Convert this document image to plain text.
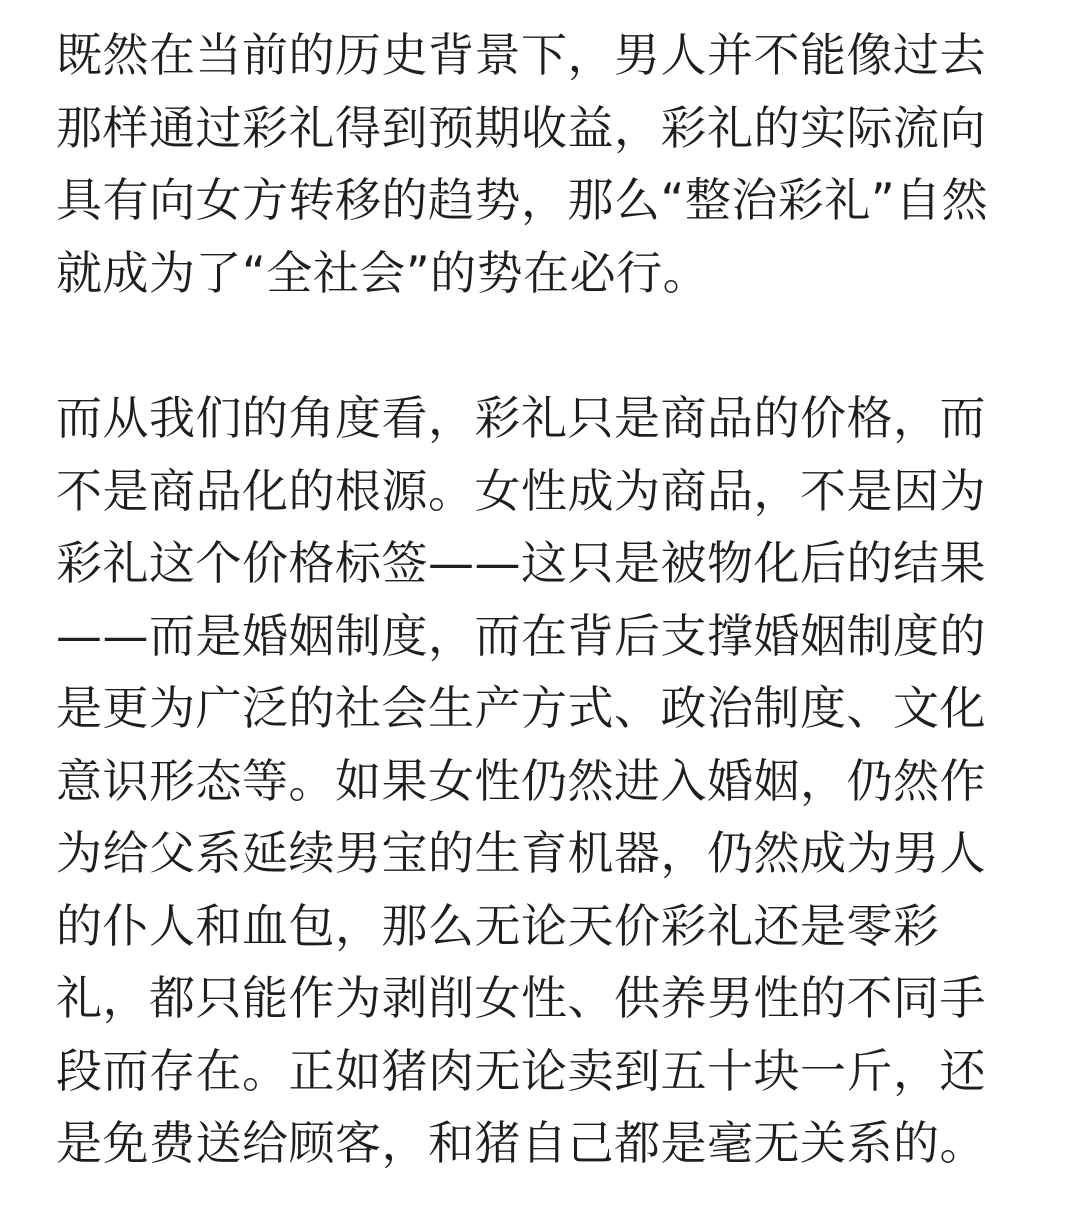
既然在当前的历史背景下，男人并不能像过去
那样通过彩礼得到预期收益，彩礼的实际流向
具有向女方转移的趋势，那么“整治彩礼”自然
就成为了“全社会”的势在必行。

而从我们的角度看，彩礼只是商品的价格，而
不是商品化的根源。女性成为商品，不是因为
彩礼这个价格标签——这只是被物化后的结果
——而是婚姻制度，而在背后支撑婚姻制度的
是更为广泛的社会生产方式、政治制度、文化
意识形态等。如果女性仍然进入婚姻，仍然作
为给父系延续男宝的生育机器，仍然成为男人
的仆人和血包，那么无论天价彩礼还是零彩
礼，都只能作为剥削女性、供养男性的不同手
段而存在。正如猪肉无论卖到五十块一斤，还
是免费送给顾客，和猪自己都是毫无关系的。
